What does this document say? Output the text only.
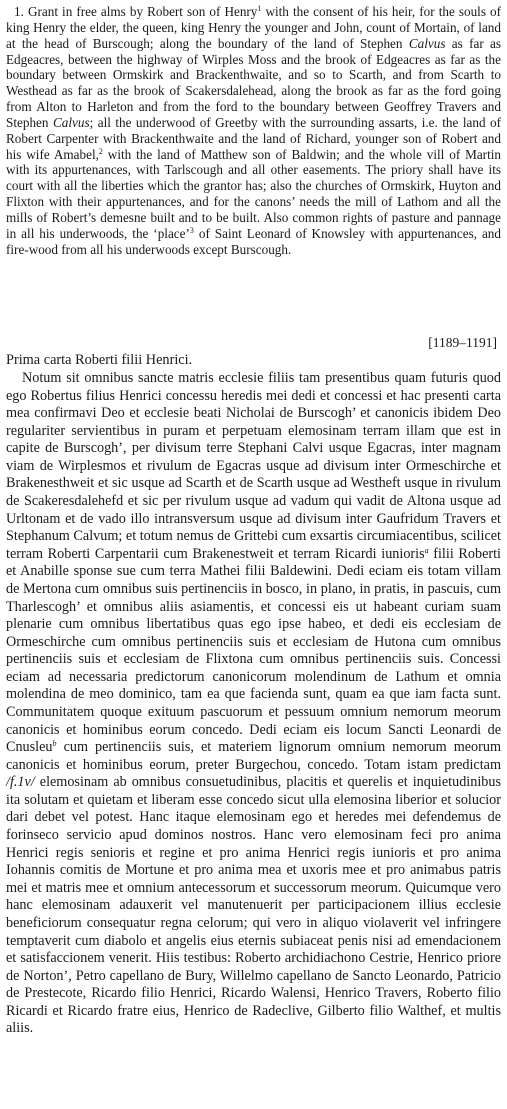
1. Grant in free alms by Robert son of Henry$^1$ with the consent of his heir, for the souls of king Henry the elder, the queen, king Henry the younger and John, count of Mortain, of land at the head of Burscough; along the boundary of the land of Stephen Calvus as far as Edgeacres, between the highway of Wirples Moss and the brook of Edgeacres as far as the boundary between Ormskirk and Brackenthwaite, and so to Scarth, and from Scarth to Westhead as far as the brook of Scakersdalehead, along the brook as far as the ford going from Alton to Harleton and from the ford to the boundary between Geoffrey Travers and Stephen Calvus; all the underwood of Greetby with the surrounding assarts, i.e. the land of Robert Carpenter with Brackenthwaite and the land of Richard, younger son of Robert and his wife Amabel,$^2$ with the land of Matthew son of Baldwin; and the whole vill of Martin with its appurtenances, with Tarlscough and all other easements. The priory shall have its court with all the liberties which the grantor has; also the churches of Ormskirk, Huyton and Flixton with their appurtenances, and for the canons’ needs the mill of Lathom and all the mills of Robert’s demesne built and to be built. Also common rights of pasture and pannage in all his underwoods, the ‘place’$^3$ of Saint Leonard of Knowsley with appurtenances, and fire-wood from all his underwoods except Burscough.

[1189–1191]

Prima carta Roberti filii Henrici.

Notum sit omnibus sancte matris ecclesie filiis tam presentibus quam futuris quod ego Robertus filius Henrici concessu heredis mei dedi et concessi et hac presenti carta mea confirmavi Deo et ecclesie beati Nicholai de Burscogh’ et canonicis ibidem Deo regulariter servientibus in puram et perpetuam elemosinam terram illam que est in capite de Burscogh’, per divisum terre Stephani Calvi usque Egacras, inter magnam viam de Wirplesmos et rivulum de Egacras usque ad divisum inter Ormeschirche et Brakenesthweit et sic usque ad Scarth et de Scarth usque ad Westheft usque in rivulum de Scakeresdalehefd et sic per rivulum usque ad vadum qui vadit de Altona usque ad Urltonam et de vado illo intransversum usque ad divisum inter Gaufridum Travers et Stephanum Calvum; et totum nemus de Grittebi cum exsartis circumiacentibus, scilicet terram Roberti Carpentarii cum Brakenestweit et terram Ricardi iunioris$^a$ filii Roberti et Anabille sponse sue cum terra Mathei filii Baldewini. Dedi eciam eis totam villam de Mertona cum omnibus suis pertinenciis in bosco, in plano, in pratis, in pascuis, cum Tharlescogh’ et omnibus aliis asiamentis, et concessi eis ut habeant curiam suam plenarie cum omnibus libertatibus quas ego ipse habeo, et dedi eis ecclesiam de Ormeschirche cum omnibus pertinenciis suis et ecclesiam de Hutona cum omnibus pertinenciis suis et ecclesiam de Flixtona cum omnibus pertinenciis suis. Concessi eciam ad necessaria predictorum canonicorum molendinum de Lathum et omnia molendina de meo dominico, tam ea que facienda sunt, quam ea que iam facta sunt. Communitatem quoque exituum pascuorum et pessuum omnium nemorum meorum canonicis et hominibus eorum concedo. Dedi eciam eis locum Sancti Leonardi de Cnusleu$^b$ cum pertinenciis suis, et materiem lignorum omnium nemorum meorum canonicis et hominibus eorum, preter Burgechou, concedo. Totam istam predictam /f.1v/ elemosinam ab omnibus consuetudinibus, placitis et querelis et inquietudinibus ita solutam et quietam et liberam esse concedo sicut ulla elemosina liberior et solucior dari debet vel potest. Hanc itaque elemosinam ego et heredes mei defendemus de forinseco servicio apud dominos nostros. Hanc vero elemosinam feci pro anima Henrici regis senioris et regine et pro anima Henrici regis iunioris et pro anima Iohannis comitis de Mortune et pro anima mea et uxoris mee et pro animabus patris mei et matris mee et omnium antecessorum et successorum meorum. Quicumque vero hanc elemosinam adauxerit vel manutenuerit per participacionem illius ecclesie beneficiorum consequatur regna celorum; qui vero in aliquo violaverit vel infringere temptaverit cum diabolo et angelis eius eternis subiaceat penis nisi ad emendacionem et satisfaccionem venerit. Hiis testibus: Roberto archidiachono Cestrie, Henrico priore de Norton’, Petro capellano de Bury, Willelmo capellano de Sancto Leonardo, Patricio de Prestecote, Ricardo filio Henrici, Ricardo Walensi, Henrico Travers, Roberto filio Ricardi et Ricardo fratre eius, Henrico de Radeclive, Gilberto filio Walthef, et multis aliis.
